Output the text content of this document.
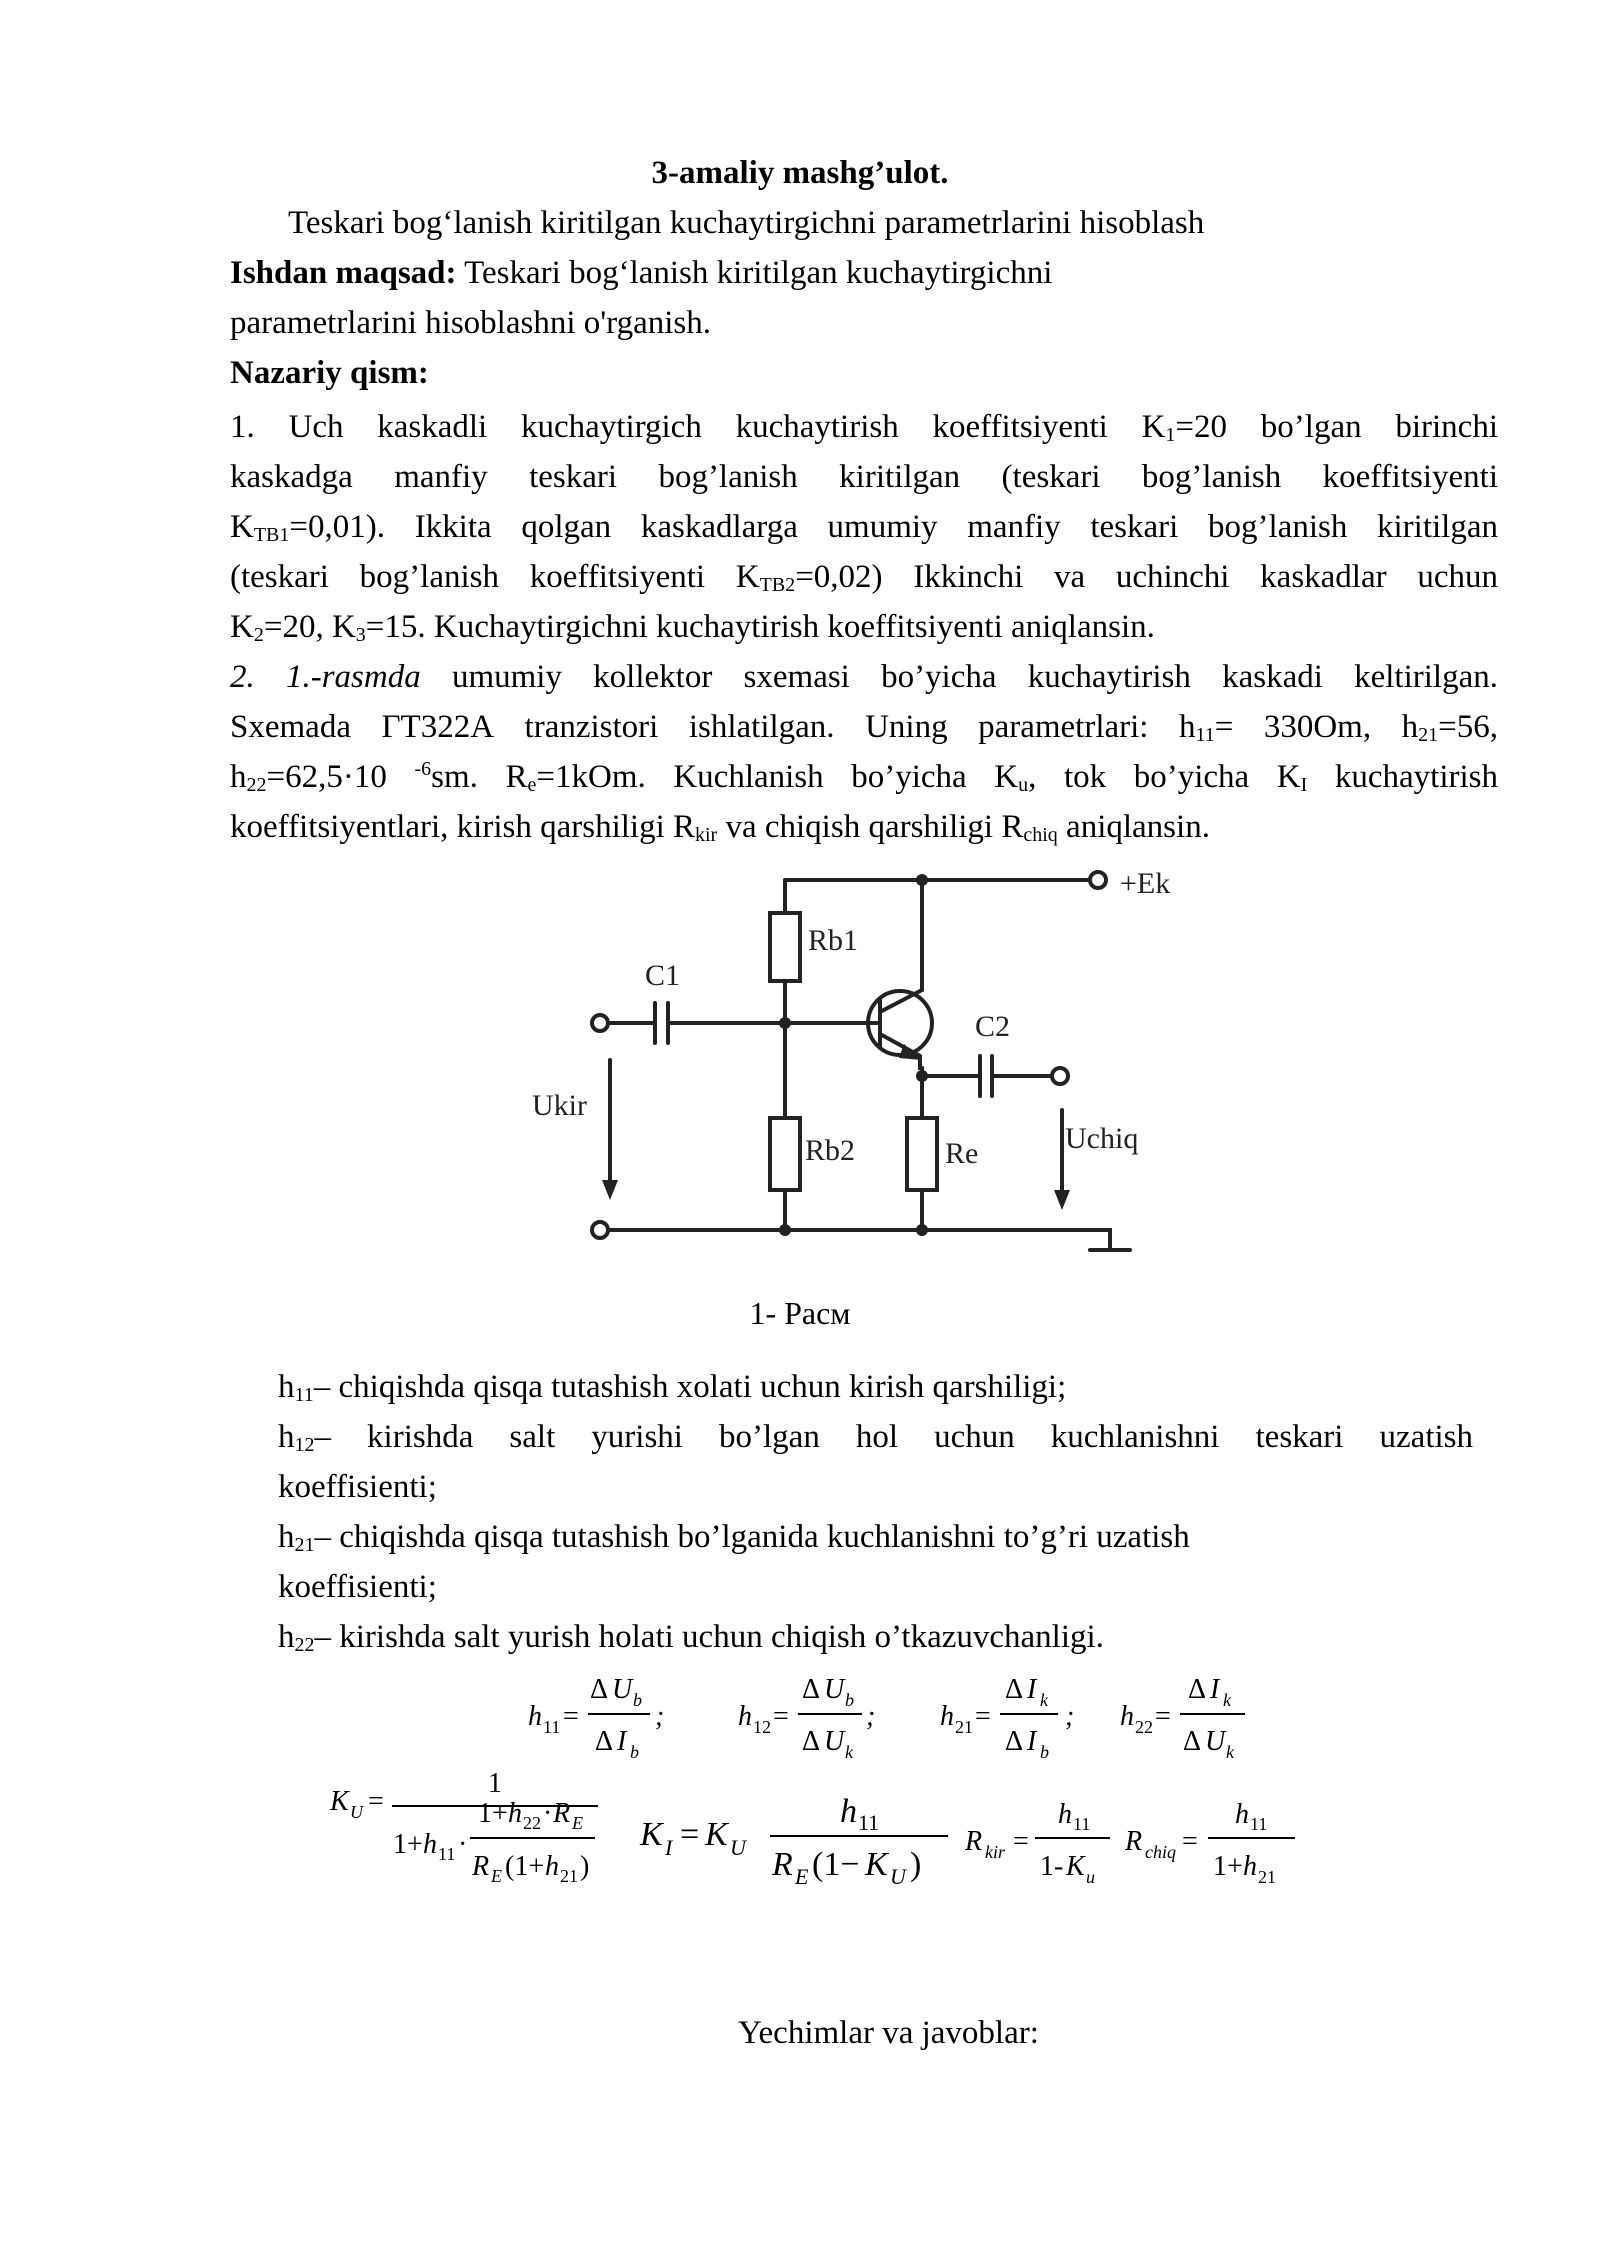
3-amaliy mashg’ulot.
Teskari bog‘lanish kiritilgan kuchaytirgichni parametrlarini hisoblash
Ishdan maqsad: Teskari bog‘lanish kiritilgan kuchaytirgichni
parametrlarini hisoblashni o'rganish.
Nazariy qism:
1. Uch kaskadli kuchaytirgich kuchaytirish koeffitsiyenti $K_1=20$ bo’lgan birinchi
kaskadga manfiy teskari bog’lanish kiritilgan (teskari bog’lanish koeffitsiyenti
$K_{TB1}=0,01$). Ikkita qolgan kaskadlarga umumiy manfiy teskari bog’lanish kiritilgan
(teskari bog’lanish koeffitsiyenti $K_{TB2}=0,02$) Ikkinchi va uchinchi kaskadlar uchun
$K_2=20$, $K_3=15$. Kuchaytirgichni kuchaytirish koeffitsiyenti aniqlansin.
2. 1.-rasmda umumiy kollektor sxemasi bo’yicha kuchaytirish kaskadi keltirilgan.
Sxemada ГТ322А tranzistori ishlatilgan. Uning parametrlari: $h_{11}= 330Om$, $h_{21}=56$,
$h_{22}=62,5\cdot 10$ $^{-6}$sm. $R_e=1kOm$. Kuchlanish bo’yicha $K_u$, tok bo’yicha $K_I$ kuchaytirish
koeffitsiyentlari, kirish qarshiligi $R_{kir}$ va chiqish qarshiligi $R_{chiq}$ aniqlansin.
+Ek
Rb1
C1
C2
Ukir
Rb2	Re	Uchiq
1- Расм
$h_{11}-$ chiqishda qisqa tutashish xolati uchun kirish qarshiligi;
$h_{12}-$ kirishda salt yurishi bo’lgan hol uchun kuchlanishni teskari uzatish
koeffisienti;
$h_{21}-$ chiqishda qisqa tutashish bo’lganida kuchlanishni to’g’ri uzatish
koeffisienti;
$h_{22}-$ kirishda salt yurish holati uchun chiqish o’tkazuvchanligi.
h 11 =
Δ U b
Δ I b
;	h 12 =
Δ U b
Δ U k
; h 21 =
Δ I k
Δ I b
; h 22 =
Δ I k
Δ U k
K U =
1
1+ h 11 ·
1+ h 22 · R E
R E (1+ h 21 )
K I = K U
h 11
R E (1− K U )
R kir =
h 11
1- K u
R chiq =
h 11
1+ h 21
Yechimlar va javoblar:
